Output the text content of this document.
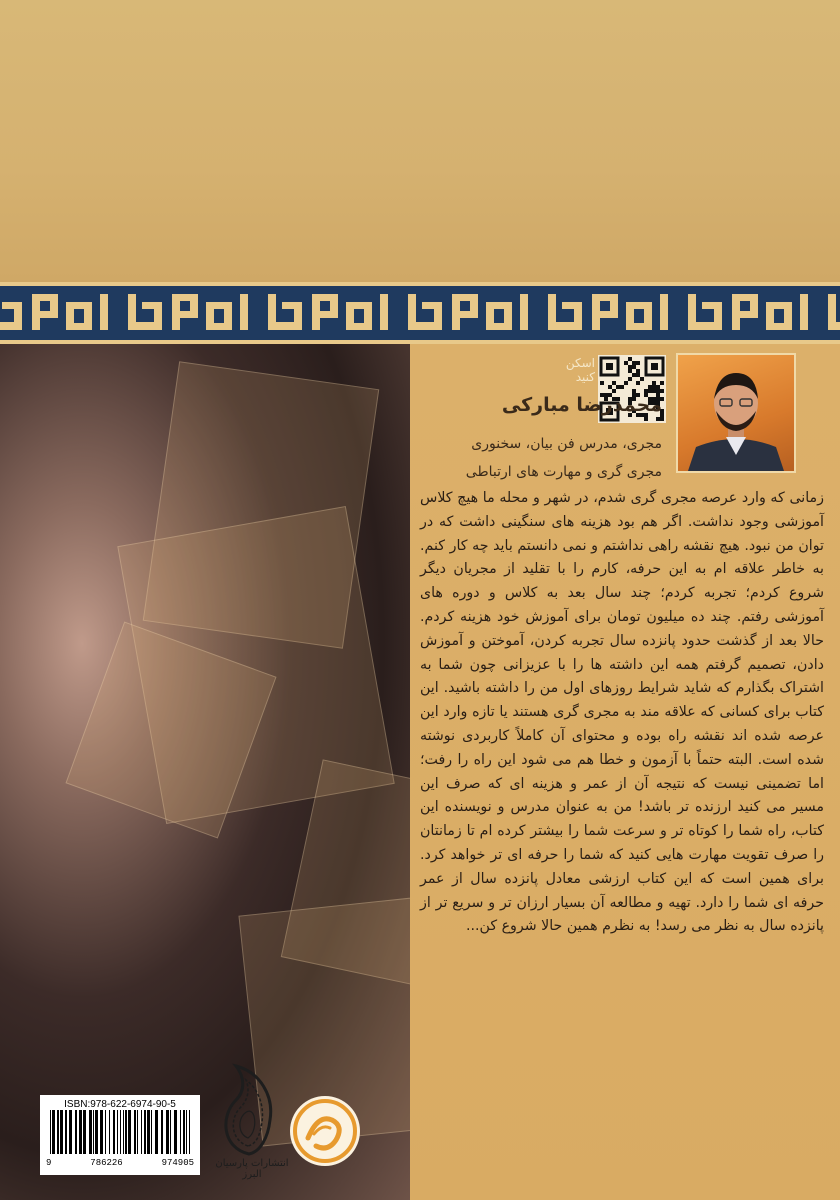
اسکن کنید
محمدرضا مبارکی
مجری، مدرس فن بیان، سخنوری
مجری گری و مهارت های ارتباطی
زمانی که وارد عرصه مجری گری شدم، در شهر و محله ما هیچ کلاس آموزشی وجود نداشت. اگر هم بود هزینه های سنگینی داشت که در توان من نبود. هیچ نقشه راهی نداشتم و نمی دانستم باید چه کار کنم. به خاطر علاقه ام به این حرفه، کارم را با تقلید از مجریان دیگر شروع کردم؛ تجربه کردم؛ چند سال بعد به کلاس و دوره های آموزشی رفتم. چند ده میلیون تومان برای آموزش خود هزینه کردم. حالا بعد از گذشت حدود پانزده سال تجربه کردن، آموختن و آموزش دادن، تصمیم گرفتم همه این داشته ها را با عزیزانی چون شما به اشتراک بگذارم که شاید شرایط روزهای اول من را داشته باشید. این کتاب برای کسانی که علاقه مند به مجری گری هستند یا تازه وارد این عرصه شده اند نقشه راه بوده و محتوای آن کاملاً کاربردی نوشته شده است. البته حتماً با آزمون و خطا هم می شود این راه را رفت؛ اما تضمینی نیست که نتیجه آن از عمر و هزینه ای که صرف این مسیر می کنید ارزنده تر باشد! من به عنوان مدرس و نویسنده این کتاب، راه شما را کوتاه تر و سرعت شما را بیشتر کرده ام تا زمانتان را صرف تقویت مهارت هایی کنید که شما را حرفه ای تر خواهد کرد. برای همین است که این کتاب ارزشی معادل پانزده سال از عمر حرفه ای شما را دارد. تهیه و مطالعه آن بسیار ارزان تر و سریع تر از پانزده سال به نظر می رسد! به نظرم همین حالا شروع کن...
ISBN:978-622-6974-90-5
9	786226	974905	انتشارات پارسیان البرز
